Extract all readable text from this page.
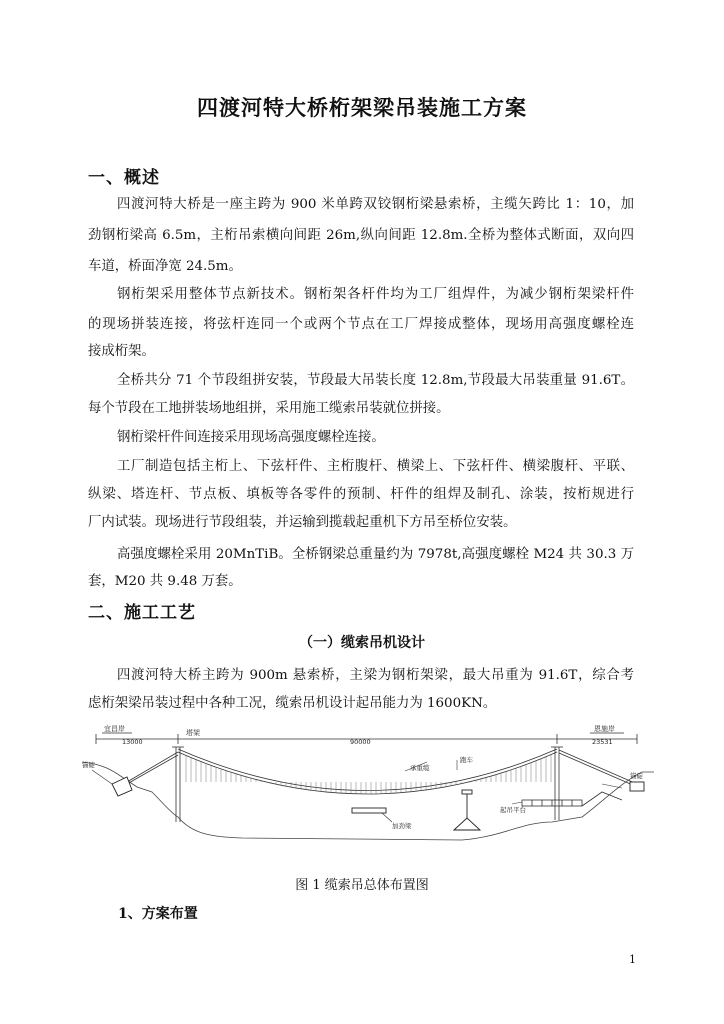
四渡河特大桥桁架梁吊装施工方案
一、概述
四渡河特大桥是一座主跨为 900 米单跨双铰钢桁梁悬索桥，主缆矢跨比 1：10，加
劲钢桁梁高 6.5m，主桁吊索横向间距 26m,纵向间距 12.8m.全桥为整体式断面，双向四
车道，桥面净宽 24.5m。
钢桁架采用整体节点新技术。钢桁架各杆件均为工厂组焊件，为减少钢桁架梁杆件
的现场拼装连接，将弦杆连同一个或两个节点在工厂焊接成整体，现场用高强度螺栓连
接成桁架。
全桥共分 71 个节段组拼安装，节段最大吊装长度 12.8m,节段最大吊装重量 91.6T。
每个节段在工地拼装场地组拼，采用施工缆索吊装就位拼接。
钢桁梁杆件间连接采用现场高强度螺栓连接。
工厂制造包括主桁上、下弦杆件、主桁腹杆、横梁上、下弦杆件、横梁腹杆、平联、
纵梁、塔连杆、节点板、填板等各零件的预制、杆件的组焊及制孔、涂装，按桁规进行
厂内试装。现场进行节段组装，并运输到揽载起重机下方吊至桥位安装。
高强度螺栓采用 20MnTiB。全桥钢梁总重量约为 7978t,高强度螺栓 M24 共 30.3 万
套，M20 共 9.48 万套。
二、施工工艺
（一）缆索吊机设计
四渡河特大桥主跨为 900m 悬索桥，主梁为钢桁架梁，最大吊重为 91.6T，综合考
虑桁架梁吊装过程中各种工况，缆索吊机设计起吊能力为 1600KN。
宜昌岸	恩施岸
13000	90000	23531
塔架
承重缆
跑车
锚碇
锚碇
起吊平台
加劲梁
图 1 缆索吊总体布置图
1、方案布置
1
